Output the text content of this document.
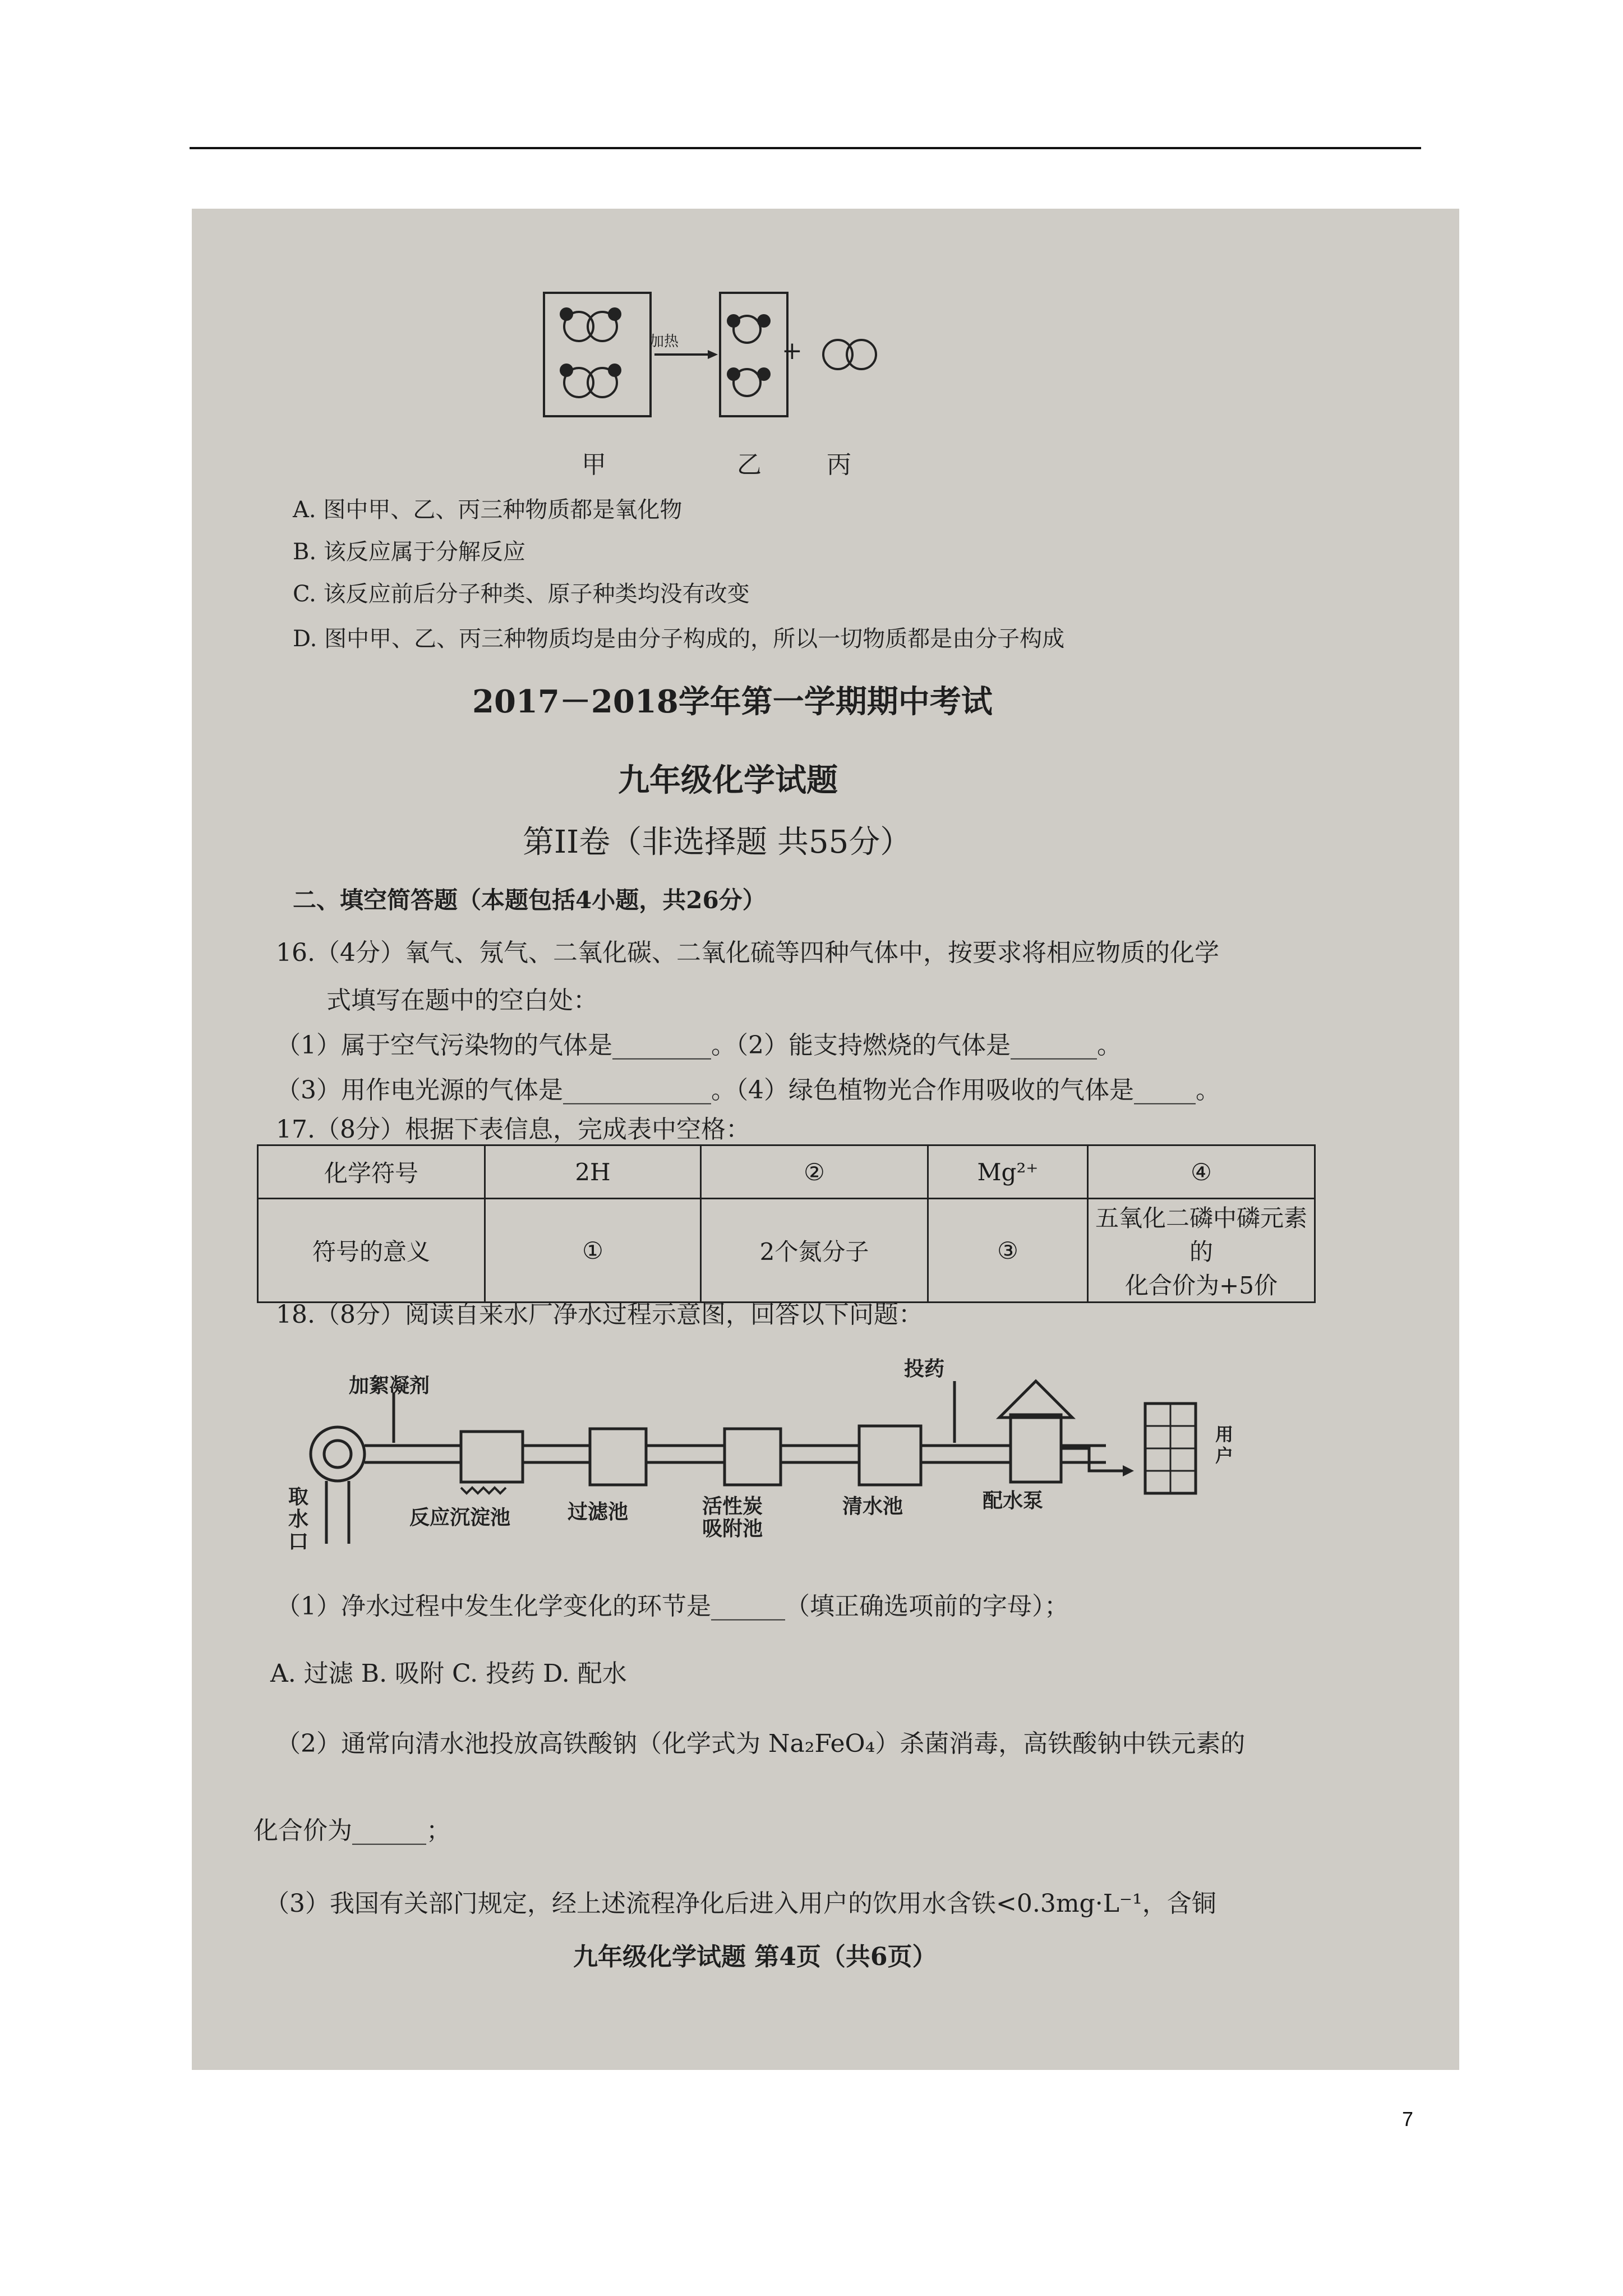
加热	+
甲	乙	丙
A. 图中甲、乙、丙三种物质都是氧化物
B. 该反应属于分解反应
C. 该反应前后分子种类、原子种类均没有改变
D. 图中甲、乙、丙三种物质均是由分子构成的，所以一切物质都是由分子构成
2017－2018学年第一学期期中考试
九年级化学试题
第II卷（非选择题 共55分）
二、填空简答题（本题包括4小题，共26分）
16.（4分）氧气、氖气、二氧化碳、二氧化硫等四种气体中，按要求将相应物质的化学
式填写在题中的空白处：
（1）属于空气污染物的气体是________。（2）能支持燃烧的气体是_______。
（3）用作电光源的气体是____________。（4）绿色植物光合作用吸收的气体是_____。
17.（8分）根据下表信息，完成表中空格：
18.（8分）阅读自来水厂净水过程示意图，回答以下问题：
加絮凝剂
投药
取
水
口
反应沉淀池	过滤池	活性炭
吸附池
清水池	配水泵
用
户
（1）净水过程中发生化学变化的环节是______（填正确选项前的字母）；
A. 过滤 B. 吸附 C. 投药 D. 配水
（2）通常向清水池投放高铁酸钠（化学式为 Na₂FeO₄）杀菌消毒，高铁酸钠中铁元素的
化合价为______；
（3）我国有关部门规定，经上述流程净化后进入用户的饮用水含铁<0.3mg·L⁻¹，含铜
九年级化学试题 第4页（共6页）
化学符号	2H	②	Mg²⁺	④
符号的意义	①	2个氮分子	③	五氧化二磷中磷元素的
化合价为+5价
7
